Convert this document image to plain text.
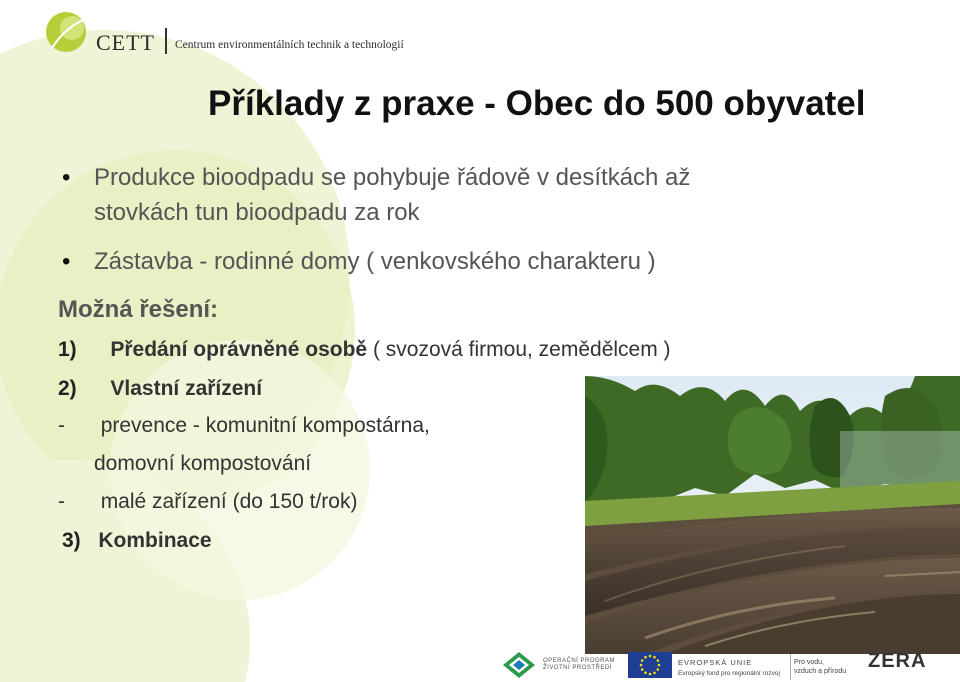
CETT Centrum environmentálních technik a technologií
Příklady z praxe - Obec do 500 obyvatel
• Produkce bioodpadu se pohybuje řádově v desítkách až
stovkách tun bioodpadu za rok
• Zástavba - rodinné domy ( venkovského charakteru )
Možná řešení:
1) Předání oprávněné osobě ( svozová firmou, zemědělcem )
2) Vlastní zařízení
- prevence - komunitní kompostárna,
domovní kompostování
- malé zařízení (do 150 t/rok)
3) Kombinace
OPERAČNÍ PROGRAM
ŽIVOTNÍ PROSTŘEDÍ
EVROPSKÁ UNIE
Evropský fond pro regionální rozvoj
Pro vodu,
vzduch a přírodu ZERA
